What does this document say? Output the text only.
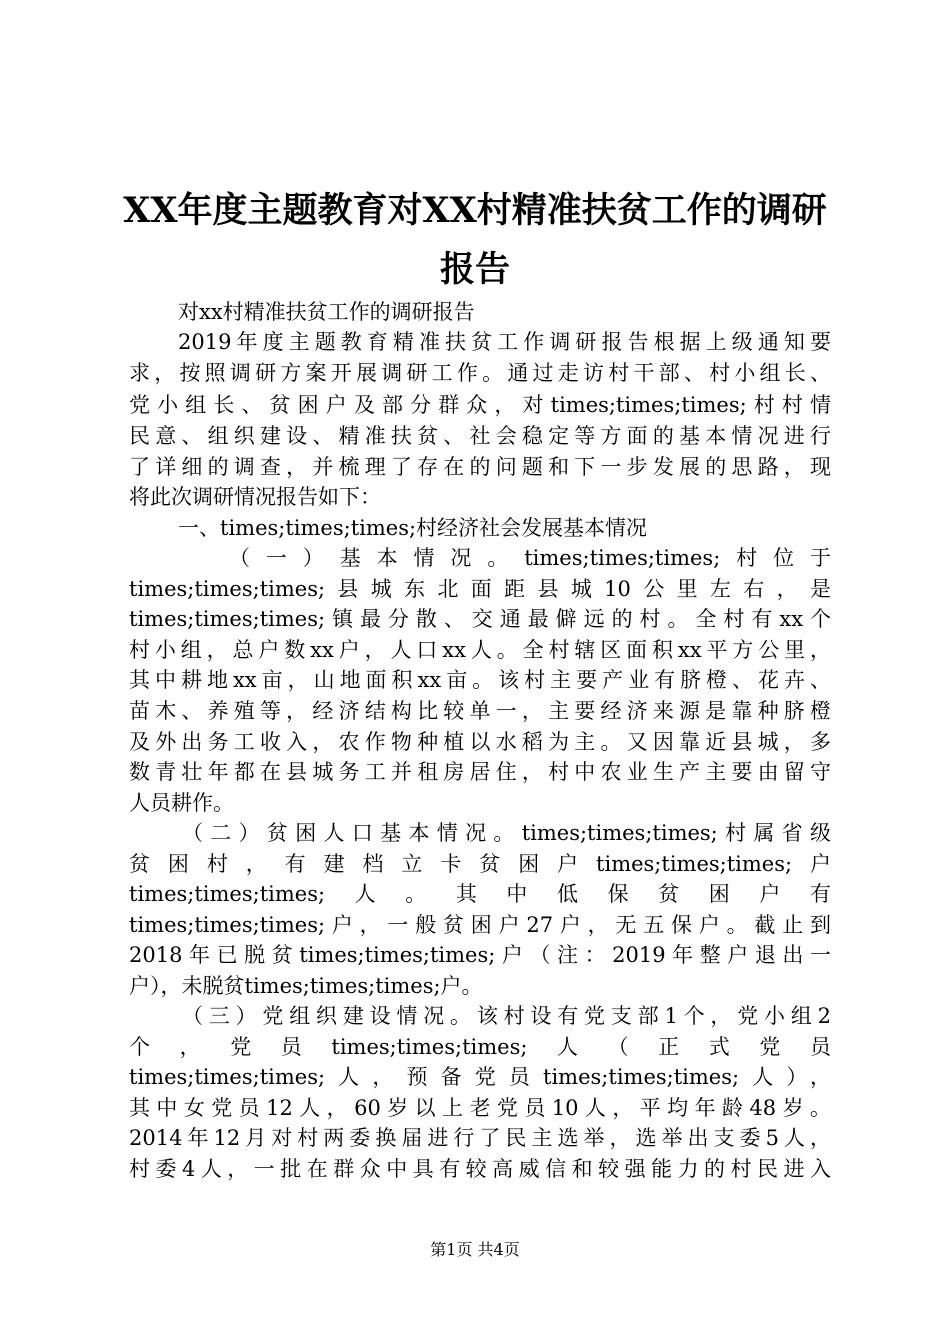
XX年度主题教育对XX村精准扶贫工作的调研
报告
对xx村精准扶贫工作的调研报告
2019年度主题教育精准扶贫工作调研报告根据上级通知要
求，按照调研方案开展调研工作。通过走访村干部、村小组长、
党小组长、贫困户及部分群众，对times;times;times;村村情
民意、组织建设、精准扶贫、社会稳定等方面的基本情况进行
了详细的调查，并梳理了存在的问题和下一步发展的思路，现
将此次调研情况报告如下：
一、times;times;times;村经济社会发展基本情况
（一）基本情况。times;times;times;村位于
times;times;times;县城东北面距县城10公里左右，是
times;times;times;镇最分散、交通最僻远的村。全村有xx个
村小组，总户数xx户，人口xx人。全村辖区面积xx平方公里，
其中耕地xx亩，山地面积xx亩。该村主要产业有脐橙、花卉、
苗木、养殖等，经济结构比较单一，主要经济来源是靠种脐橙
及外出务工收入，农作物种植以水稻为主。又因靠近县城，多
数青壮年都在县城务工并租房居住，村中农业生产主要由留守
人员耕作。
（二）贫困人口基本情况。times;times;times;村属省级
贫困村，有建档立卡贫困户times;times;times;户
times;times;times;人。其中低保贫困户有
times;times;times;户，一般贫困户27户，无五保户。截止到
2018年已脱贫times;times;times;户（注：2019年整户退出一
户），未脱贫times;times;times;户。
（三）党组织建设情况。该村设有党支部1个，党小组2
个，党员times;times;times;人（正式党员
times;times;times;人，预备党员times;times;times;人），
其中女党员12人，60岁以上老党员10人，平均年龄48岁。
2014年12月对村两委换届进行了民主选举，选举出支委5人，
村委4人，一批在群众中具有较高威信和较强能力的村民进入
第1页 共4页
